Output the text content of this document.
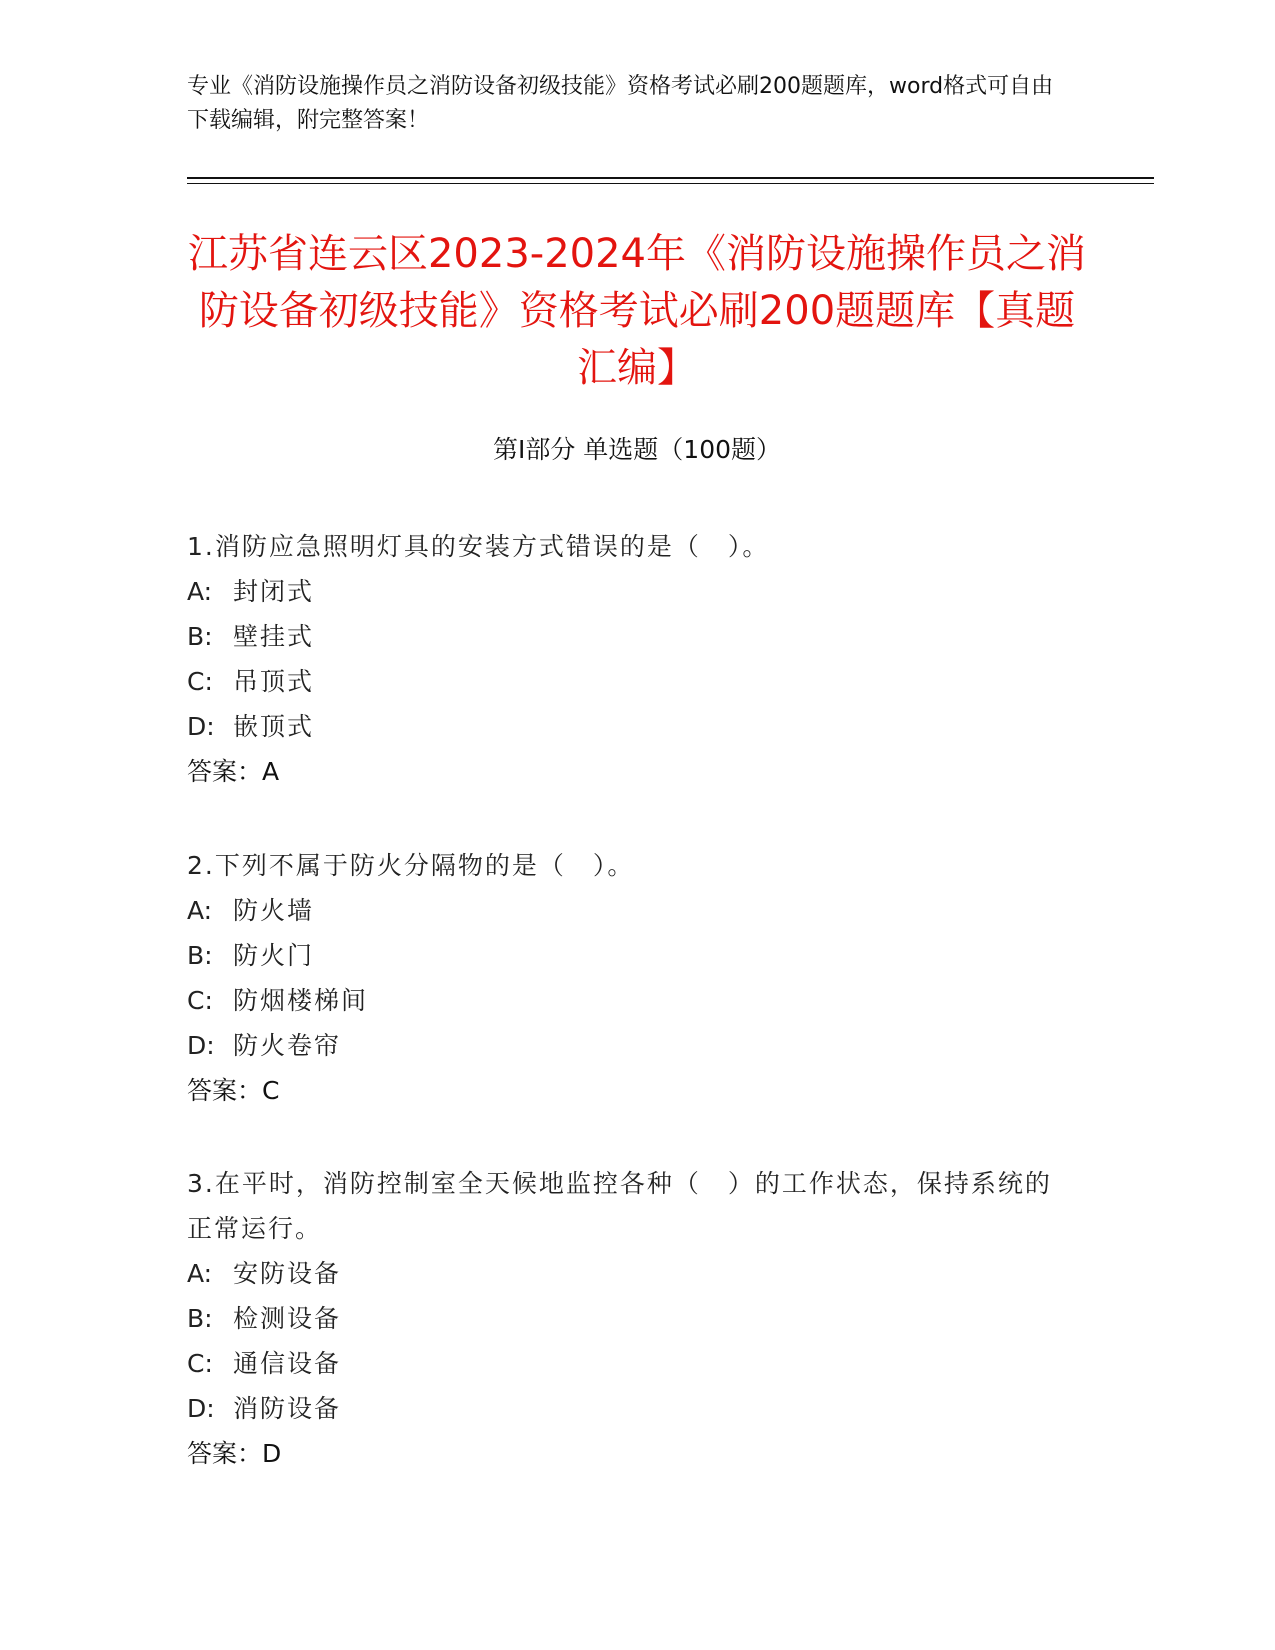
专业《消防设施操作员之消防设备初级技能》资格考试必刷200题题库，word格式可自由下载编辑，附完整答案！
江苏省连云区2023-2024年《消防设施操作员之消防设备初级技能》资格考试必刷200题题库【真题汇编】
第Ⅰ部分 单选题（100题）
1.消防应急照明灯具的安装方式错误的是（　）。
A: 封闭式
B: 壁挂式
C: 吊顶式
D: 嵌顶式
答案：A
2.下列不属于防火分隔物的是（　）。
A: 防火墙
B: 防火门
C: 防烟楼梯间
D: 防火卷帘
答案：C
3.在平时，消防控制室全天候地监控各种（　）的工作状态，保持系统的正常运行。
A: 安防设备
B: 检测设备
C: 通信设备
D: 消防设备
答案：D
